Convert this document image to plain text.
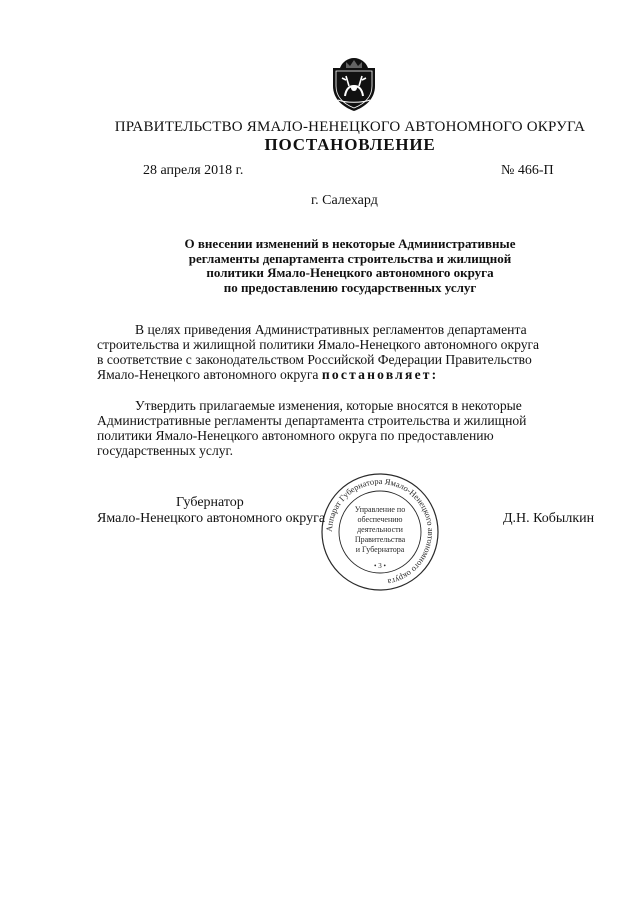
ПРАВИТЕЛЬСТВО ЯМАЛО-НЕНЕЦКОГО АВТОНОМНОГО ОКРУГА
ПОСТАНОВЛЕНИЕ
28 апреля 2018 г.	№ 466-П
г. Салехард
О внесении изменений в некоторые Административные
регламенты департамента строительства и жилищной
политики Ямало-Ненецкого автономного округа
по предоставлению государственных услуг
В целях приведения Административных регламентов департамента
строительства и жилищной политики Ямало-Ненецкого автономного округа
в соответствие с законодательством Российской Федерации Правительство
Ямало-Ненецкого автономного округа постановляет:
Утвердить прилагаемые изменения, которые вносятся в некоторые
Административные регламенты департамента строительства и жилищной
политики Ямало-Ненецкого автономного округа по предоставлению
государственных услуг.
Губернатор
Ямало-Ненецкого автономного округа	Д.Н. Кобылкин
Аппарат Губернатора Ямало-Ненецкого автономного округа
Управление по
обеспечению
деятельности
Правительства
и Губернатора
• 3 •
